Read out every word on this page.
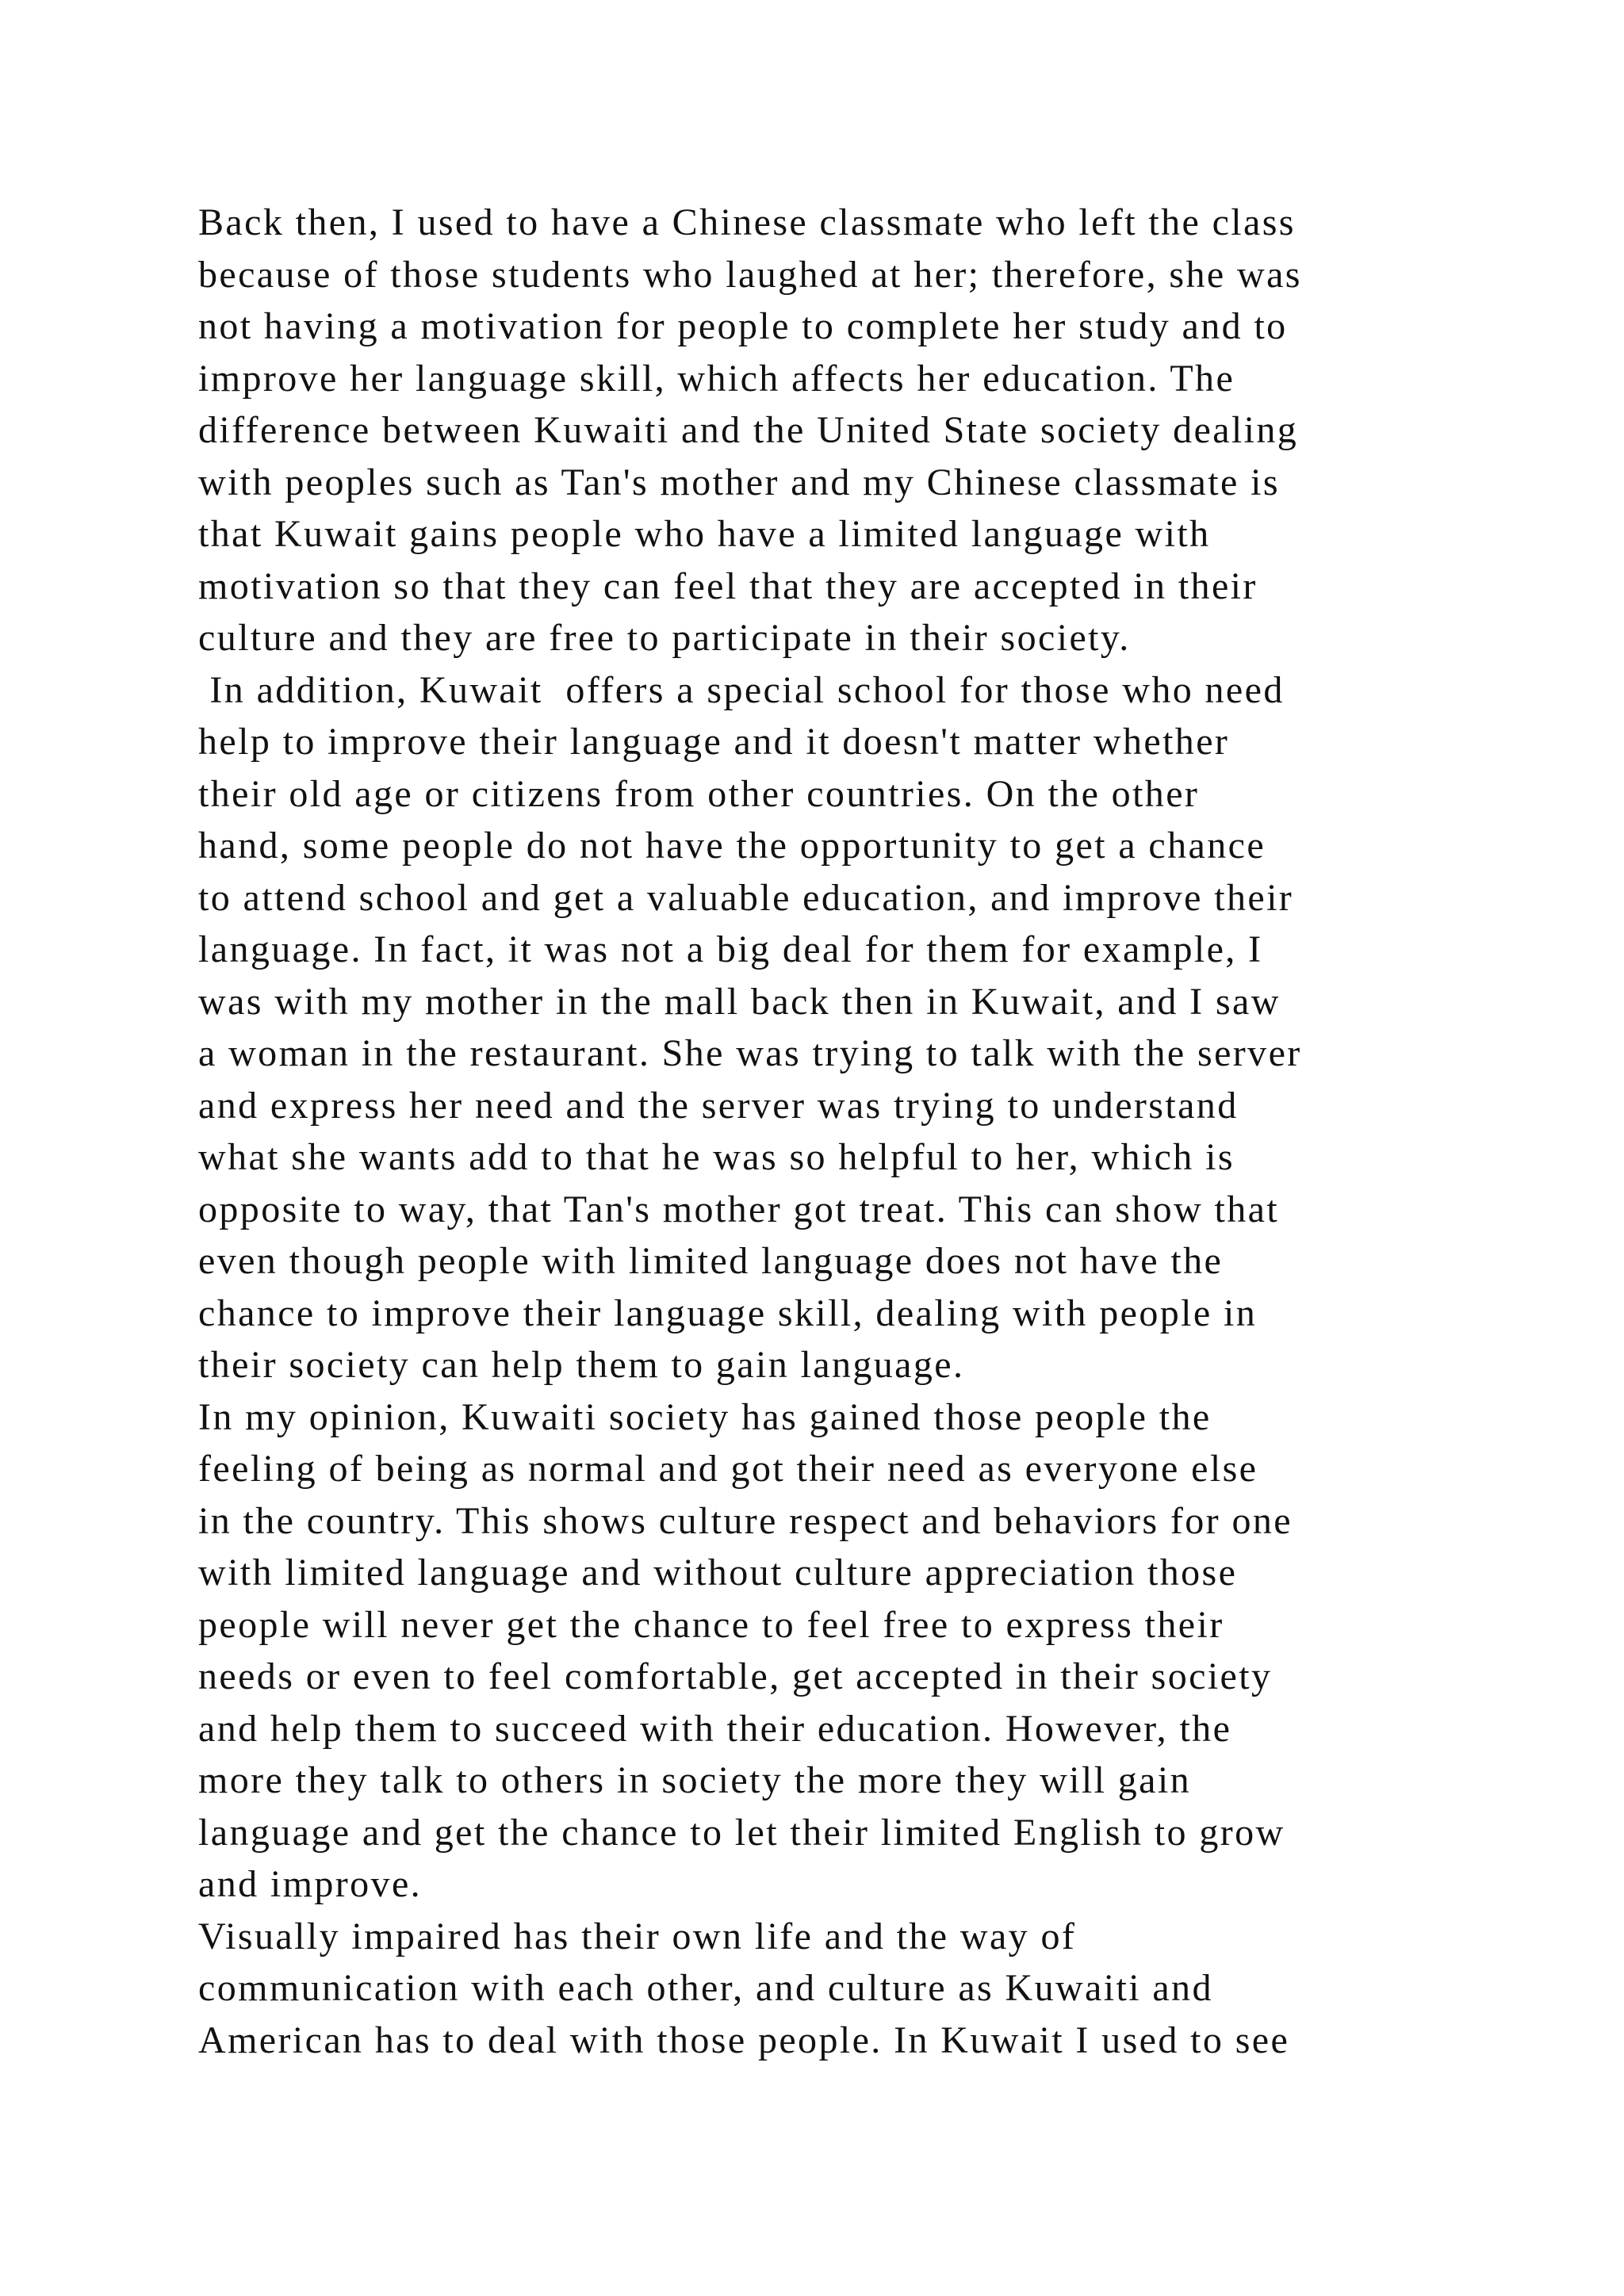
Back then, I used to have a Chinese classmate who left the class
because of those students who laughed at her; therefore, she was
not having a motivation for people to complete her study and to
improve her language skill, which affects her education. The
difference between Kuwaiti and the United State society dealing
with peoples such as Tan's mother and my Chinese classmate is
that Kuwait gains people who have a limited language with
motivation so that they can feel that they are accepted in their
culture and they are free to participate in their society.
In addition, Kuwait  offers a special school for those who need
help to improve their language and it doesn't matter whether
their old age or citizens from other countries. On the other
hand, some people do not have the opportunity to get a chance
to attend school and get a valuable education, and improve their
language. In fact, it was not a big deal for them for example, I
was with my mother in the mall back then in Kuwait, and I saw
a woman in the restaurant. She was trying to talk with the server
and express her need and the server was trying to understand
what she wants add to that he was so helpful to her, which is
opposite to way, that Tan's mother got treat. This can show that
even though people with limited language does not have the
chance to improve their language skill, dealing with people in
their society can help them to gain language.
In my opinion, Kuwaiti society has gained those people the
feeling of being as normal and got their need as everyone else
in the country. This shows culture respect and behaviors for one
with limited language and without culture appreciation those
people will never get the chance to feel free to express their
needs or even to feel comfortable, get accepted in their society
and help them to succeed with their education. However, the
more they talk to others in society the more they will gain
language and get the chance to let their limited English to grow
and improve.
Visually impaired has their own life and the way of
communication with each other, and culture as Kuwaiti and
American has to deal with those people. In Kuwait I used to see
